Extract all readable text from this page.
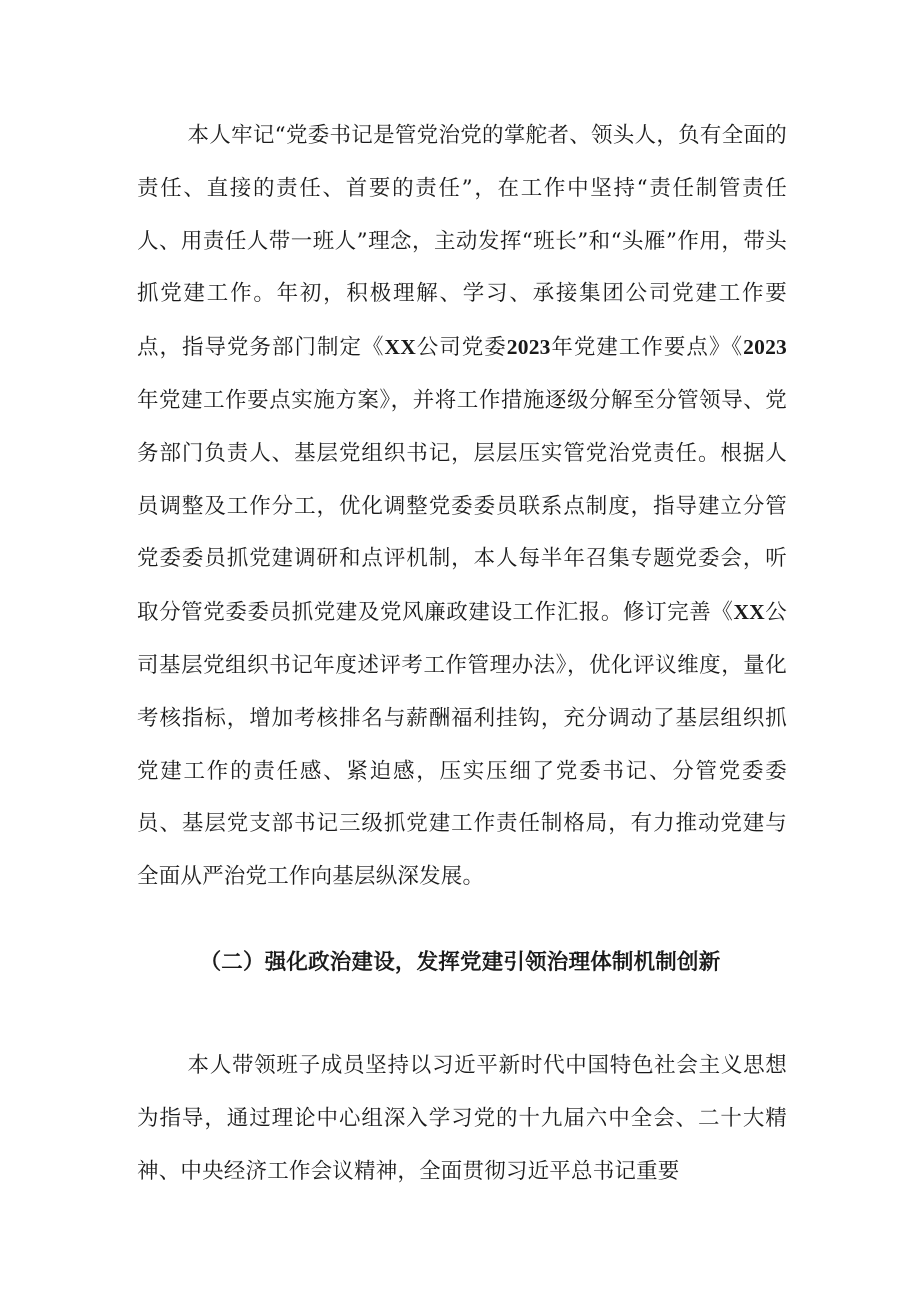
本人牢记“党委书记是管党治党的掌舵者、领头人，负有全面的责任、直接的责任、首要的责任”，在工作中坚持“责任制管责任人、用责任人带一班人”理念，主动发挥“班长”和“头雁”作用，带头抓党建工作。年初，积极理解、学习、承接集团公司党建工作要点，指导党务部门制定《XX公司党委2023年党建工作要点》《2023年党建工作要点实施方案》，并将工作措施逐级分解至分管领导、党务部门负责人、基层党组织书记，层层压实管党治党责任。根据人员调整及工作分工，优化调整党委委员联系点制度，指导建立分管党委委员抓党建调研和点评机制，本人每半年召集专题党委会，听取分管党委委员抓党建及党风廉政建设工作汇报。修订完善《XX公司基层党组织书记年度述评考工作管理办法》，优化评议维度，量化考核指标，增加考核排名与薪酬福利挂钩，充分调动了基层组织抓党建工作的责任感、紧迫感，压实压细了党委书记、分管党委委员、基层党支部书记三级抓党建工作责任制格局，有力推动党建与全面从严治党工作向基层纵深发展。

（二）强化政治建设，发挥党建引领治理体制机制创新

本人带领班子成员坚持以习近平新时代中国特色社会主义思想为指导，通过理论中心组深入学习党的十九届六中全会、二十大精神、中央经济工作会议精神，全面贯彻习近平总书记重要
